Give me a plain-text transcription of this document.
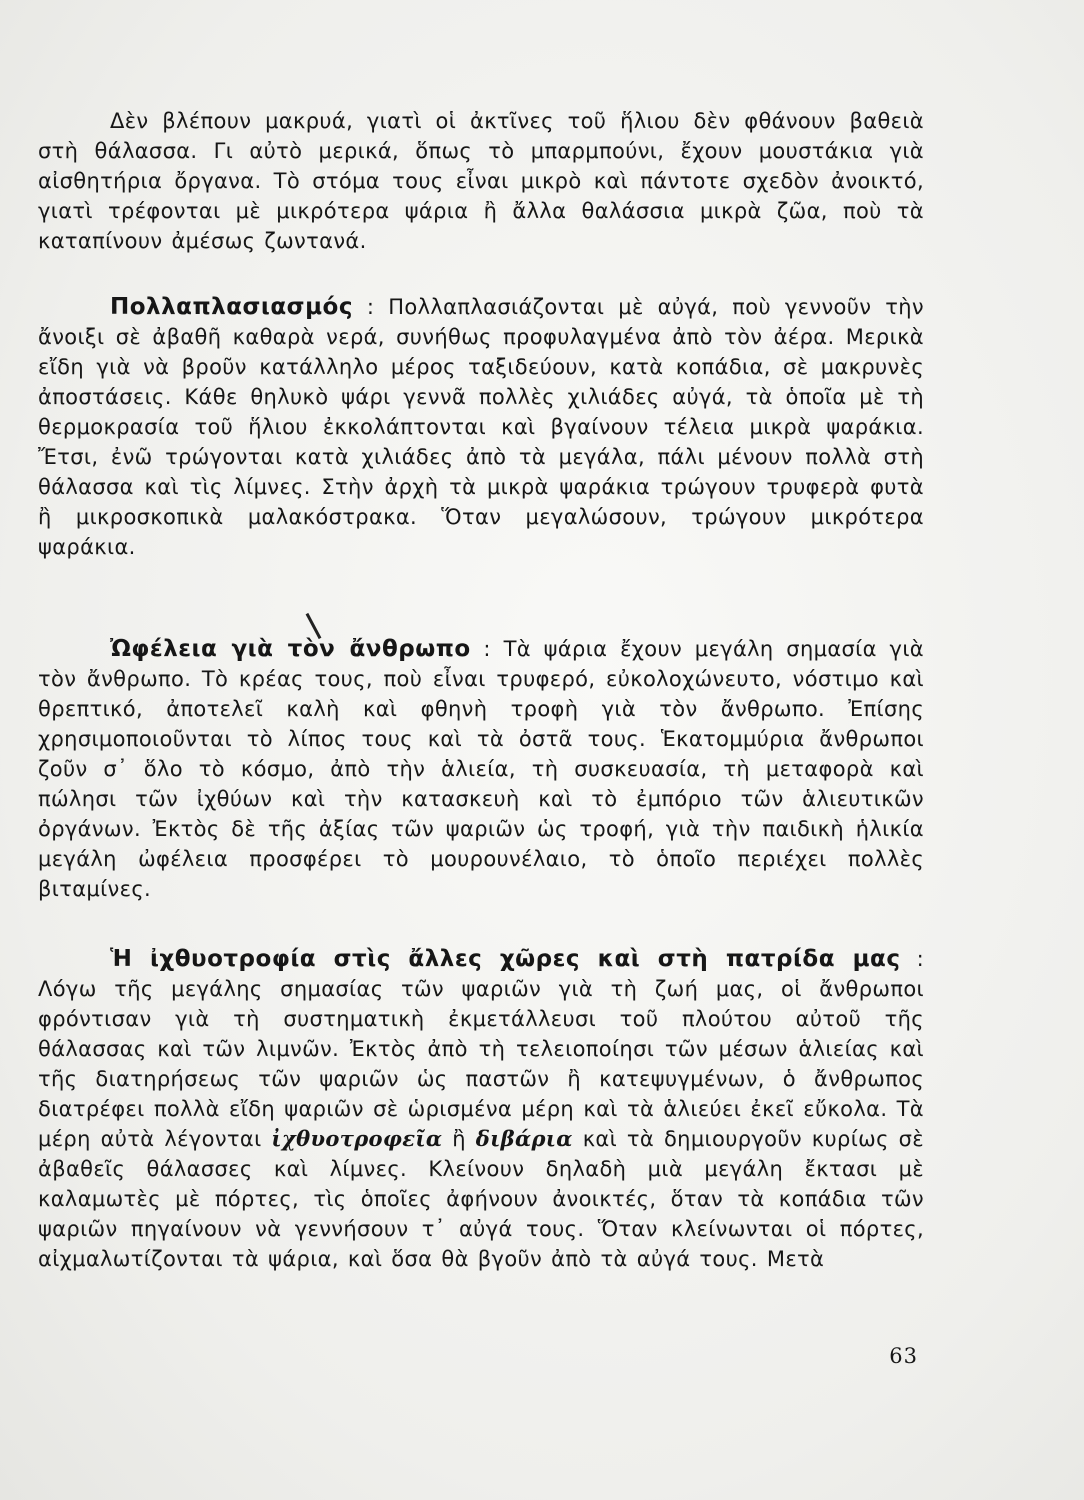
Δὲν βλέπουν μακρυά, γιατὶ οἱ ἀκτῖνες τοῦ ἥλιου δὲν φθάνουν βαθειὰ στὴ θάλασσα. Γι αὐτὸ μερικά, ὅπως τὸ μπαρμπούνι, ἔχουν μουστάκια γιὰ αἰσθητήρια ὄργανα. Τὸ στόμα τους εἶναι μικρὸ καὶ πάντοτε σχεδὸν ἀνοικτό, γιατὶ τρέφονται μὲ μικρότερα ψάρια ἢ ἄλλα θαλάσσια μικρὰ ζῶα, ποὺ τὰ καταπίνουν ἀμέσως ζωντανά.

Πολλαπλασιασμός : Πολλαπλασιάζονται μὲ αὐγά, ποὺ γεννοῦν τὴν ἄνοιξι σὲ ἀβαθῆ καθαρὰ νερά, συνήθως προφυλαγμένα ἀπὸ τὸν ἀέρα. Μερικὰ εἴδη γιὰ νὰ βροῦν κατάλληλο μέρος ταξιδεύουν, κατὰ κοπάδια, σὲ μακρυνὲς ἀποστάσεις. Κάθε θηλυκὸ ψάρι γεννᾶ πολλὲς χιλιάδες αὐγά, τὰ ὁποῖα μὲ τὴ θερμοκρασία τοῦ ἥλιου ἐκκολάπτονται καὶ βγαίνουν τέλεια μικρὰ ψαράκια. Ἔτσι, ἐνῶ τρώγονται κατὰ χιλιάδες ἀπὸ τὰ μεγάλα, πάλι μένουν πολλὰ στὴ θάλασσα καὶ τὶς λίμνες. Στὴν ἀρχὴ τὰ μικρὰ ψαράκια τρώγουν τρυφερὰ φυτὰ ἢ μικροσκοπικὰ μαλακόστρακα. Ὅταν μεγαλώσουν, τρώγουν μικρότερα ψαράκια.

Ὠφέλεια γιὰ τὸν ἄνθρωπο : Τὰ ψάρια ἔχουν μεγάλη σημασία γιὰ τὸν ἄνθρωπο. Τὸ κρέας τους, ποὺ εἶναι τρυφερό, εὐκολοχώνευτο, νόστιμο καὶ θρεπτικό, ἀποτελεῖ καλὴ καὶ φθηνὴ τροφὴ γιὰ τὸν ἄνθρωπο. Ἐπίσης χρησιμοποιοῦνται τὸ λίπος τους καὶ τὰ ὀστᾶ τους. Ἑκατομμύρια ἄνθρωποι ζοῦν σ᾿ ὅλο τὸ κόσμο, ἀπὸ τὴν ἁλιεία, τὴ συσκευασία, τὴ μεταφορὰ καὶ πώλησι τῶν ἰχθύων καὶ τὴν κατασκευὴ καὶ τὸ ἐμπόριο τῶν ἁλιευτικῶν ὀργάνων. Ἐκτὸς δὲ τῆς ἀξίας τῶν ψαριῶν ὡς τροφή, γιὰ τὴν παιδικὴ ἡλικία μεγάλη ὠφέλεια προσφέρει τὸ μουρουνέλαιο, τὸ ὁποῖο περιέχει πολλὲς βιταμίνες.

Ἡ ἰχθυοτροφία στὶς ἄλλες χῶρες καὶ στὴ πατρίδα μας : Λόγω τῆς μεγάλης σημασίας τῶν ψαριῶν γιὰ τὴ ζωή μας, οἱ ἄνθρωποι φρόντισαν γιὰ τὴ συστηματικὴ ἐκμετάλλευσι τοῦ πλούτου αὐτοῦ τῆς θάλασσας καὶ τῶν λιμνῶν. Ἐκτὸς ἀπὸ τὴ τελειοποίησι τῶν μέσων ἁλιείας καὶ τῆς διατηρήσεως τῶν ψαριῶν ὡς παστῶν ἢ κατεψυγμένων, ὁ ἄνθρωπος διατρέφει πολλὰ εἴδη ψαριῶν σὲ ὡρισμένα μέρη καὶ τὰ ἁλιεύει ἐκεῖ εὔκολα. Τὰ μέρη αὐτὰ λέγονται ἰχθυοτροφεῖα ἢ διβάρια καὶ τὰ δημιουργοῦν κυρίως σὲ ἀβαθεῖς θάλασσες καὶ λίμνες. Κλείνουν δηλαδὴ μιὰ μεγάλη ἔκτασι μὲ καλαμωτὲς μὲ πόρτες, τὶς ὁποῖες ἀφήνουν ἀνοικτές, ὅταν τὰ κοπάδια τῶν ψαριῶν πηγαίνουν νὰ γεννήσουν τ᾿ αὐγά τους. Ὅταν κλείνωνται οἱ πόρτες, αἰχμαλωτίζονται τὰ ψάρια, καὶ ὅσα θὰ βγοῦν ἀπὸ τὰ αὐγά τους. Μετὰ

63
